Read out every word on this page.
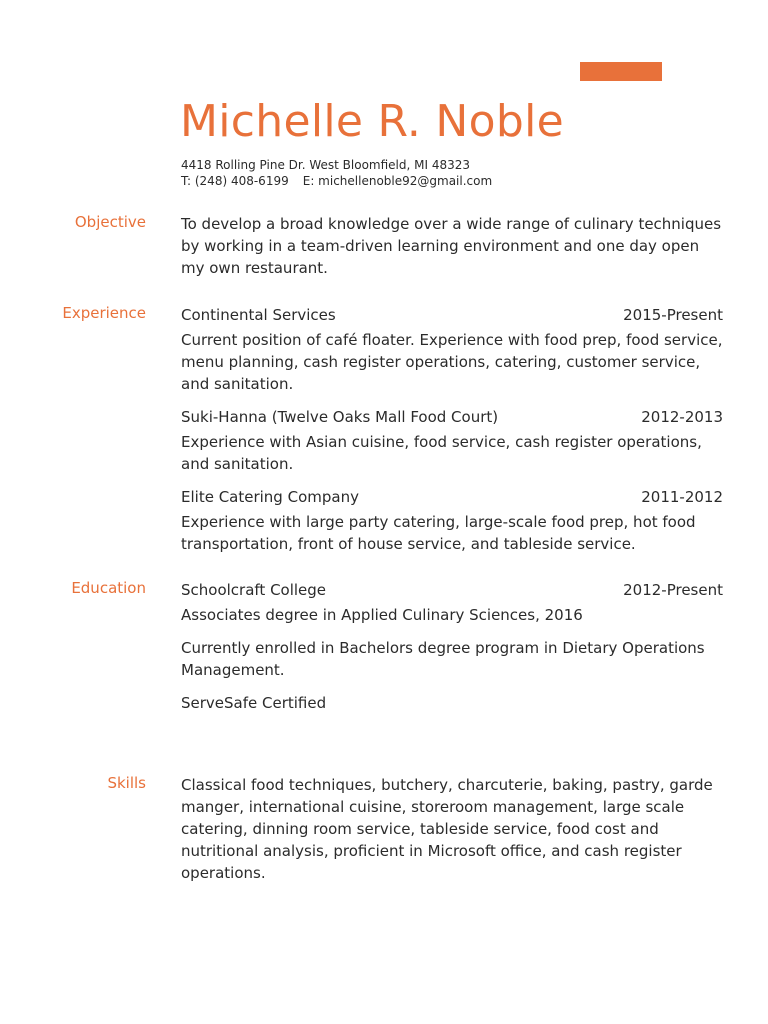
Michelle R. Noble
4418 Rolling Pine Dr. West Bloomfield, MI 48323
T: (248) 408-6199 E: michellenoble92@gmail.com
Objective To develop a broad knowledge over a wide range of culinary techniques by working in a team-driven learning environment and one day open my own restaurant.

Experience Continental Services	2015-Present

Current position of café floater. Experience with food prep, food service, menu planning, cash register operations, catering, customer service, and sanitation.

Suki-Hanna (Twelve Oaks Mall Food Court)	2012-2013

Experience with Asian cuisine, food service, cash register operations, and sanitation.

Elite Catering Company	2011-2012

Experience with large party catering, large-scale food prep, hot food transportation, front of house service, and tableside service.

Education Schoolcraft College	2012-Present

Associates degree in Applied Culinary Sciences, 2016

Currently enrolled in Bachelors degree program in Dietary Operations Management.

ServeSafe Certified

Skills Classical food techniques, butchery, charcuterie, baking, pastry, garde manger, international cuisine, storeroom management, large scale catering, dinning room service, tableside service, food cost and nutritional analysis, proficient in Microsoft office, and cash register operations.
